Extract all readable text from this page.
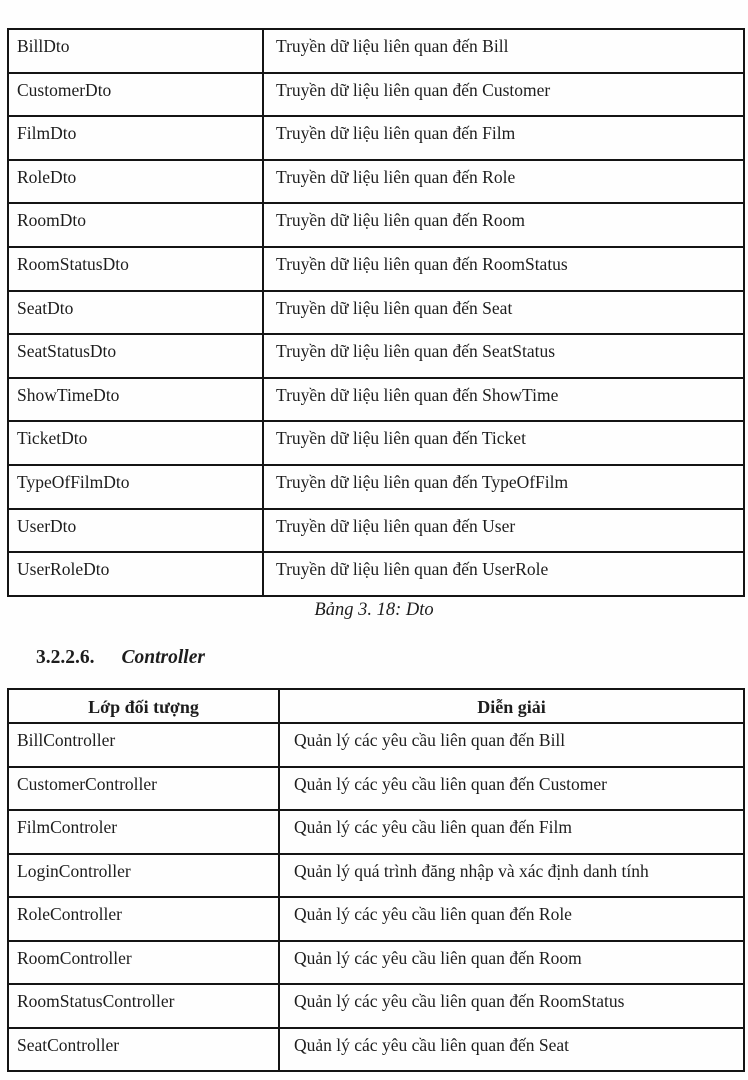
BillDto	Truyền dữ liệu liên quan đến Bill
CustomerDto	Truyền dữ liệu liên quan đến Customer
FilmDto	Truyền dữ liệu liên quan đến Film
RoleDto	Truyền dữ liệu liên quan đến Role
RoomDto	Truyền dữ liệu liên quan đến Room
RoomStatusDto	Truyền dữ liệu liên quan đến RoomStatus
SeatDto	Truyền dữ liệu liên quan đến Seat
SeatStatusDto	Truyền dữ liệu liên quan đến SeatStatus
ShowTimeDto	Truyền dữ liệu liên quan đến ShowTime
TicketDto	Truyền dữ liệu liên quan đến Ticket
TypeOfFilmDto	Truyền dữ liệu liên quan đến TypeOfFilm
UserDto	Truyền dữ liệu liên quan đến User
UserRoleDto	Truyền dữ liệu liên quan đến UserRole
Bảng 3. 18: Dto
3.2.2.6. Controller
Lớp đối tượng	Diễn giải
BillController	Quản lý các yêu cầu liên quan đến Bill
CustomerController	Quản lý các yêu cầu liên quan đến Customer
FilmControler	Quản lý các yêu cầu liên quan đến Film
LoginController	Quản lý quá trình đăng nhập và xác định danh tính
RoleController	Quản lý các yêu cầu liên quan đến Role
RoomController	Quản lý các yêu cầu liên quan đến Room
RoomStatusController	Quản lý các yêu cầu liên quan đến RoomStatus
SeatController	Quản lý các yêu cầu liên quan đến Seat
